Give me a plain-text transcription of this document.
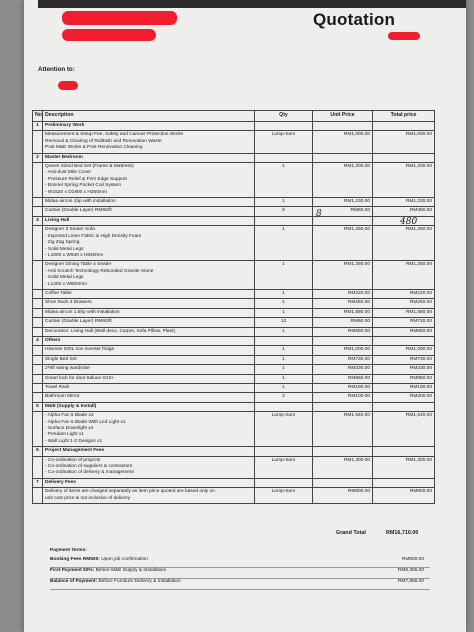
Quotation
Attention to:
No	Description	Qty	Unit Price	Total price
1	Preliminary Work			

	Measurement & Setup Fee, Safety and Canvas Protection Works
Removal & Clearing of Rubbish and Renovation Waste
Post M&E Works & Post Renovation Cleaning	Lump-Sum	RM1,000.00	RM1,000.00
2	Master Bedroom			

	Queen Sized Bed Set (Frame & Mattress)
- Anti-dust Mite Cover
- Pressure Relief & Firm Edge Support
- Bonnel Spring Pocket Coil System
- W1520 x D1900 x H250mm	1	RM1,200.00	RM1,200.00

	Midea aircon 1hp with installation	1	RM1,230.00	RM1,230.00

	Curtain (Double Layer) RM60/ft	8	RM60.00	RM480.00
3	Living Hall			

	Designer 3 Seater Sofa
- Imported Linen Fabric & High Density Foam
- Zig Zag Spring
- Solid Metal Legs
- L1800 x W940 x H840mm	1	RM1,250.00	RM1,250.00

	Designer Dining Table 4 Seater
- Anti Scratch Technology Rebonded Granite Stone
- Solid Metal Legs
- L1400 x W800mm	1	RM1,250.00	RM1,250.00

	Coffee Table	1	RM220.00	RM220.00

	Shoe Rack 3 Drawers	1	RM250.00	RM250.00

	Midea aircon 1.5hp with installation	1	RM1,580.00	RM1,580.00

	Curtain (Double Layer) RM60/ft	12	RM60.00	RM720.00

	Decoration: Living Hall (Wall deco, Carpet, Sofa Pillow, Plant)	1	RM650.00	RM650.00
4	Others			

	Hisense 200L non inverter fridge	1	RM1,000.00	RM1,000.00

	Single Bed Set	1	RM730.00	RM730.00

	2*6ft swing wardrobe	1	RM330.00	RM330.00

	Smart lock for door Italuxe G10+	1	RM860.00	RM860.00

	Towel Rack	1	RM190.00	RM190.00

	Bathroom Mirror	2	RM100.00	RM200.00
5	M&E (Supply & Install)			

	- Alpha Fan 5 Blade x2
- Alpha Fan 5 Blade With Led Light x1
- Surface Downlight x4
- Pendant Light x1
- Wall Light 1-2 Designs x1	Lump-Sum	RM1,640.00	RM1,640.00
6	Project Management Fees			

	- Co-ordination of projects
- Co-ordination of suppliers & contractors
- Co-ordination of delivery & management	Lump-Sum	RM1,300.00	RM1,300.00
7	Delivery Fees			

	Delivery of items are charged separately as item price quoted are based only on
unit cost price & not inclusive of delivery	Lump-Sum	RM800.00	RM800.00
Grand Total	RM16,710.00
Payment Terms:
Booking Fees RM500: Upon job confirmation	RM500.00
First Payment 50%: Before M&E Supply & Installation	RM8,355.00
Balance of Payment: Before Furniture Delivery & Installation	RM7,855.00
8
480
